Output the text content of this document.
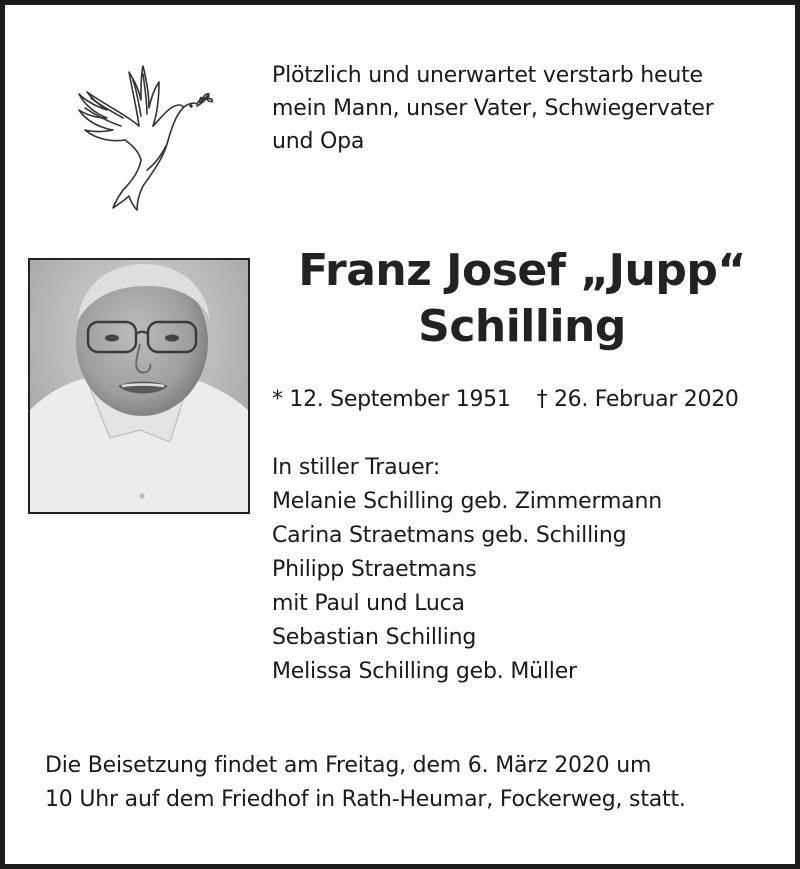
Plötzlich und unerwartet verstarb heute
mein Mann, unser Vater, Schwiegervater
und Opa
Franz Josef „Jupp“
Schilling
* 12. September 1951 † 26. Februar 2020
In stiller Trauer:
Melanie Schilling geb. Zimmermann
Carina Straetmans geb. Schilling
Philipp Straetmans
mit Paul und Luca
Sebastian Schilling
Melissa Schilling geb. Müller
Die Beisetzung findet am Freitag, dem 6. März 2020 um
10 Uhr auf dem Friedhof in Rath-Heumar, Fockerweg, statt.
